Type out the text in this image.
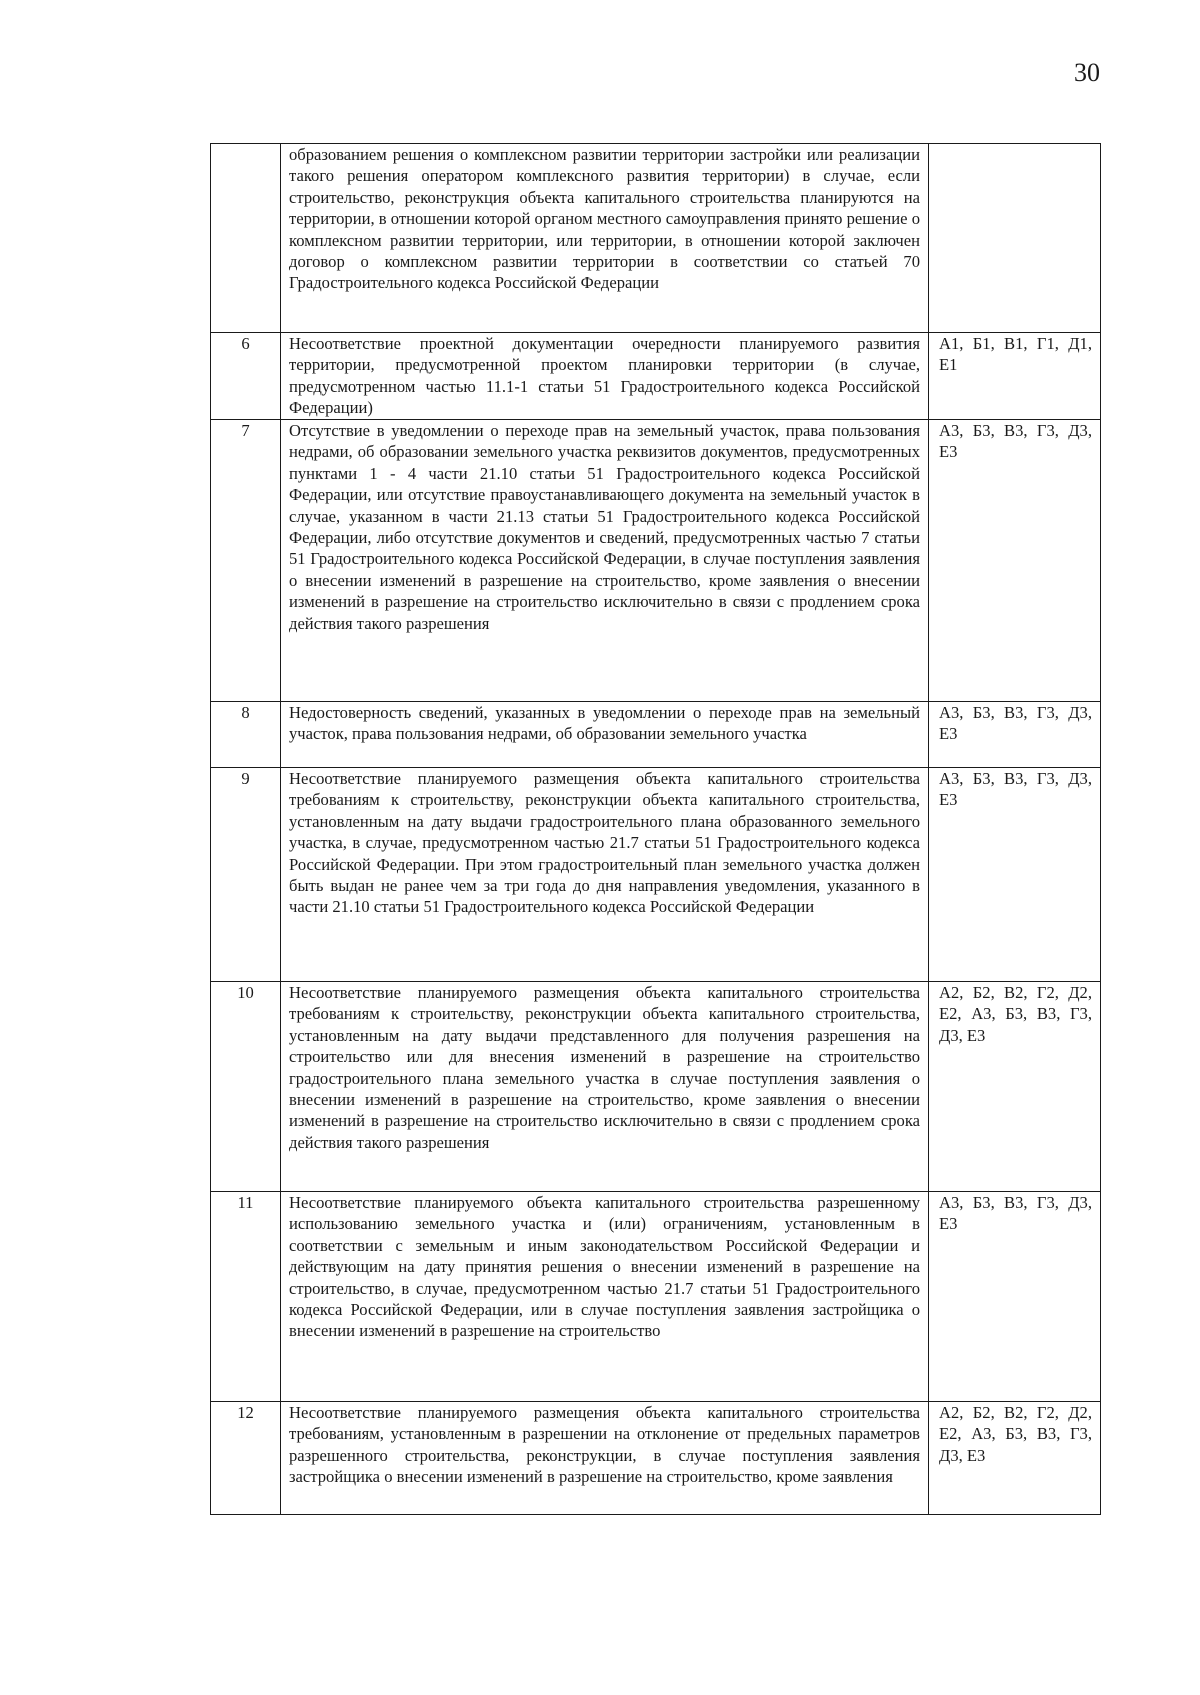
30
	образованием решения о комплексном развитии территории застройки или реализации такого решения оператором комплексного развития территории) в случае, если строительство, реконструкция объекта капитального строительства планируются на территории, в отношении которой органом местного самоуправления принято решение о комплексном развитии территории, или территории, в отношении которой заключен договор о комплексном развитии территории в соответствии со статьей 70 Градостроительного кодекса Российской Федерации	
6	Несоответствие проектной документации очередности планируемого развития территории, предусмотренной проектом планировки территории (в случае, предусмотренном частью 11.1-1 статьи 51 Градостроительного кодекса Российской Федерации)	А1, Б1, В1, Г1, Д1, Е1
7	Отсутствие в уведомлении о переходе прав на земельный участок, права пользования недрами, об образовании земельного участка реквизитов документов, предусмотренных пунктами 1 - 4 части 21.10 статьи 51 Градостроительного кодекса Российской Федерации, или отсутствие правоустанавливающего документа на земельный участок в случае, указанном в части 21.13 статьи 51 Градостроительного кодекса Российской Федерации, либо отсутствие документов и сведений, предусмотренных частью 7 статьи 51 Градостроительного кодекса Российской Федерации, в случае поступления заявления о внесении изменений в разрешение на строительство, кроме заявления о внесении изменений в разрешение на строительство исключительно в связи с продлением срока действия такого разрешения	А3, Б3, В3, Г3, Д3, Е3
8	Недостоверность сведений, указанных в уведомлении о переходе прав на земельный участок, права пользования недрами, об образовании земельного участка	А3, Б3, В3, Г3, Д3, Е3
9	Несоответствие планируемого размещения объекта капитального строительства требованиям к строительству, реконструкции объекта капитального строительства, установленным на дату выдачи градостроительного плана образованного земельного участка, в случае, предусмотренном частью 21.7 статьи 51 Градостроительного кодекса Российской Федерации. При этом градостроительный план земельного участка должен быть выдан не ранее чем за три года до дня направления уведомления, указанного в части 21.10 статьи 51 Градостроительного кодекса Российской Федерации	А3, Б3, В3, Г3, Д3, Е3
10	Несоответствие планируемого размещения объекта капитального строительства требованиям к строительству, реконструкции объекта капитального строительства, установленным на дату выдачи представленного для получения разрешения на строительство или для внесения изменений в разрешение на строительство градостроительного плана земельного участка в случае поступления заявления о внесении изменений в разрешение на строительство, кроме заявления о внесении изменений в разрешение на строительство исключительно в связи с продлением срока действия такого разрешения	А2, Б2, В2, Г2, Д2, Е2, А3, Б3, В3, Г3, Д3, Е3
11	Несоответствие планируемого объекта капитального строительства разрешенному использованию земельного участка и (или) ограничениям, установленным в соответствии с земельным и иным законодательством Российской Федерации и действующим на дату принятия решения о внесении изменений в разрешение на строительство, в случае, предусмотренном частью 21.7 статьи 51 Градостроительного кодекса Российской Федерации, или в случае поступления заявления застройщика о внесении изменений в разрешение на строительство	А3, Б3, В3, Г3, Д3, Е3
12	Несоответствие планируемого размещения объекта капитального строительства требованиям, установленным в разрешении на отклонение от предельных параметров разрешенного строительства, реконструкции, в случае поступления заявления застройщика о внесении изменений в разрешение на строительство, кроме заявления	А2, Б2, В2, Г2, Д2, Е2, А3, Б3, В3, Г3, Д3, Е3
